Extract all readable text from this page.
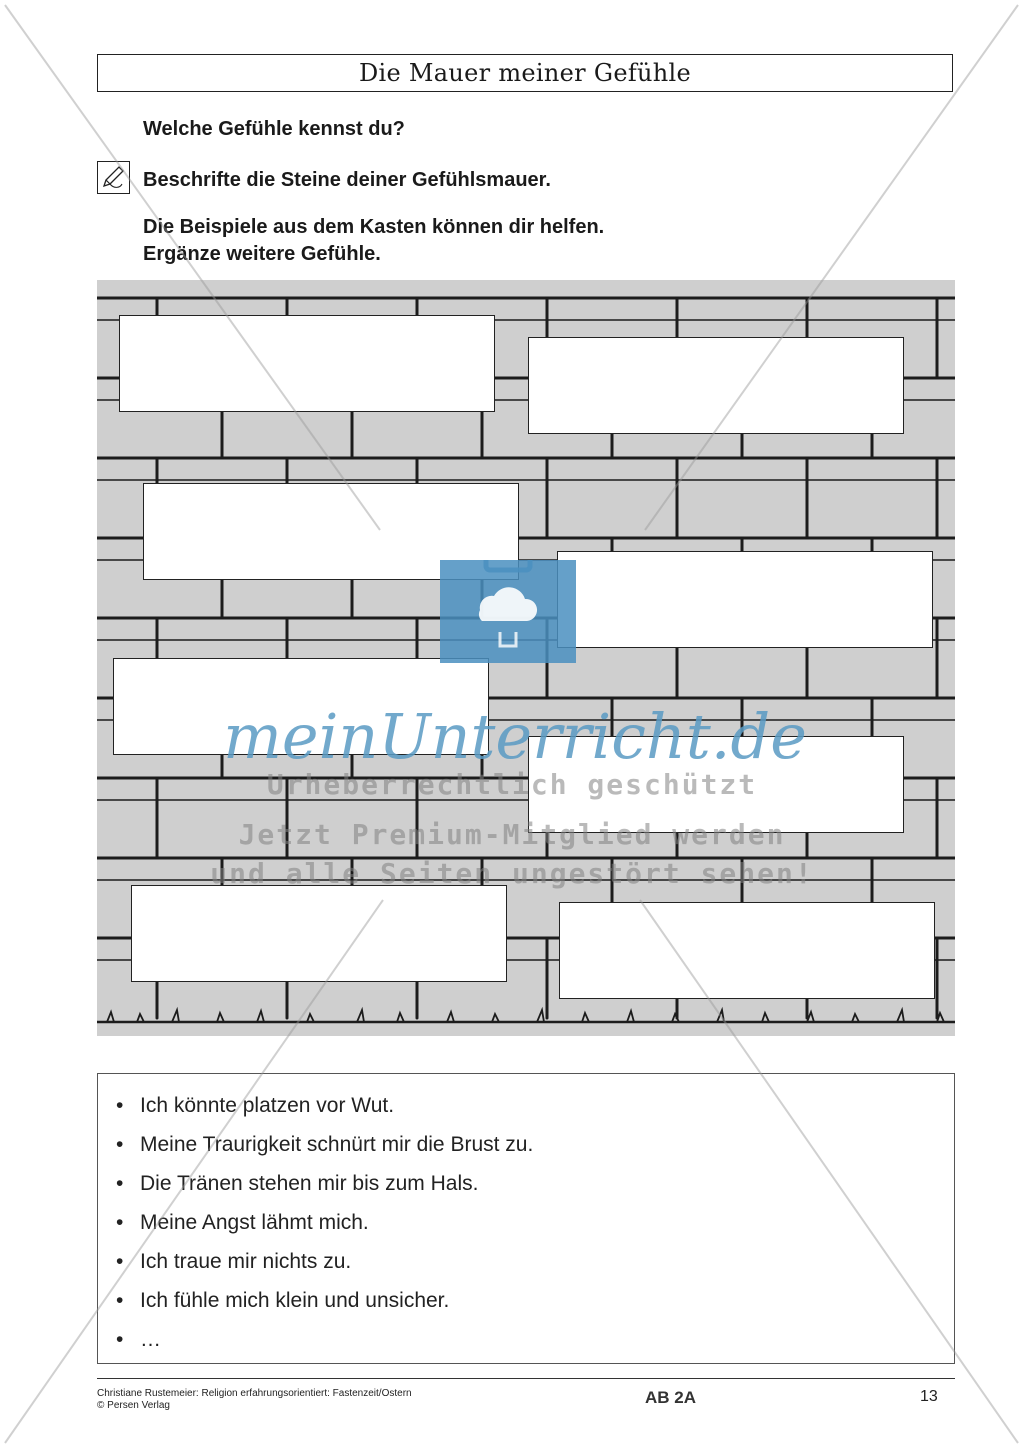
Die Mauer meiner Gefühle
Welche Gefühle kennst du?
Beschrifte die Steine deiner Gefühlsmauer.
Die Beispiele aus dem Kasten können dir helfen.
Ergänze weitere Gefühle.
• Ich könnte platzen vor Wut.
• Meine Traurigkeit schnürt mir die Brust zu.
• Die Tränen stehen mir bis zum Hals.
• Meine Angst lähmt mich.
• Ich traue mir nichts zu.
• Ich fühle mich klein und unsicher.
• …
Christiane Rustemeier: Religion erfahrungsorientiert: Fastenzeit/Ostern
© Persen Verlag	AB 2A	13
meinUnterricht.de
Urheberrechtlich geschützt
Jetzt Premium-Mitglied werden
und alle Seiten ungestört sehen!
